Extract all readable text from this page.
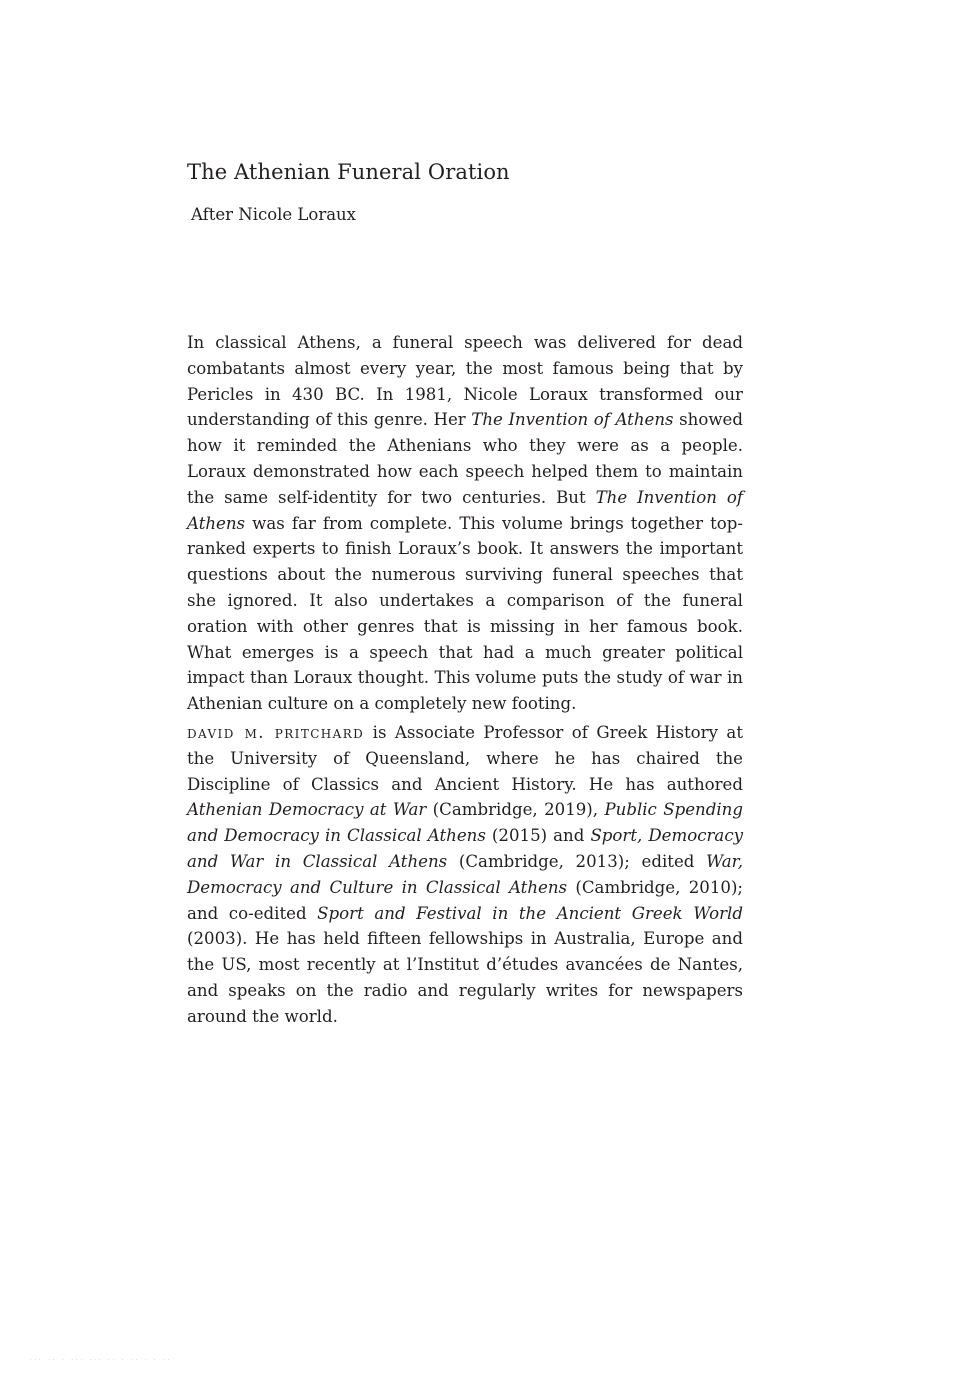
The Athenian Funeral Oration
After Nicole Loraux

In classical Athens, a funeral speech was delivered for dead combatants almost every year, the most famous being that by Pericles in 430 BC. In 1981, Nicole Loraux transformed our understanding of this genre. Her The Invention of Athens showed how it reminded the Athenians who they were as a people. Loraux demonstrated how each speech helped them to maintain the same self-identity for two centuries. But The Invention of Athens was far from complete. This volume brings together top-ranked experts to finish Loraux’s book. It answers the important questions about the numerous surviving funeral speeches that she ignored. It also undertakes a comparison of the funeral oration with other genres that is missing in her famous book. What emerges is a speech that had a much greater political impact than Loraux thought. This volume puts the study of war in Athenian culture on a completely new footing.

david m. pritchard is Associate Professor of Greek History at the University of Queensland, where he has chaired the Discipline of Classics and Ancient History. He has authored Athenian Democracy at War (Cambridge, 2019), Public Spending and Democracy in Classical Athens (2015) and Sport, Democracy and War in Classical Athens (Cambridge, 2013); edited War, Democracy and Culture in Classical Athens (Cambridge, 2010); and co-edited Sport and Festival in the Ancient Greek World (2003). He has held fifteen fellowships in Australia, Europe and the US, most recently at l’Institut d’études avancées de Nantes, and speaks on the radio and regularly writes for newspapers around the world.

··· ·· · ··· ··· ·· · ·· · · ··
